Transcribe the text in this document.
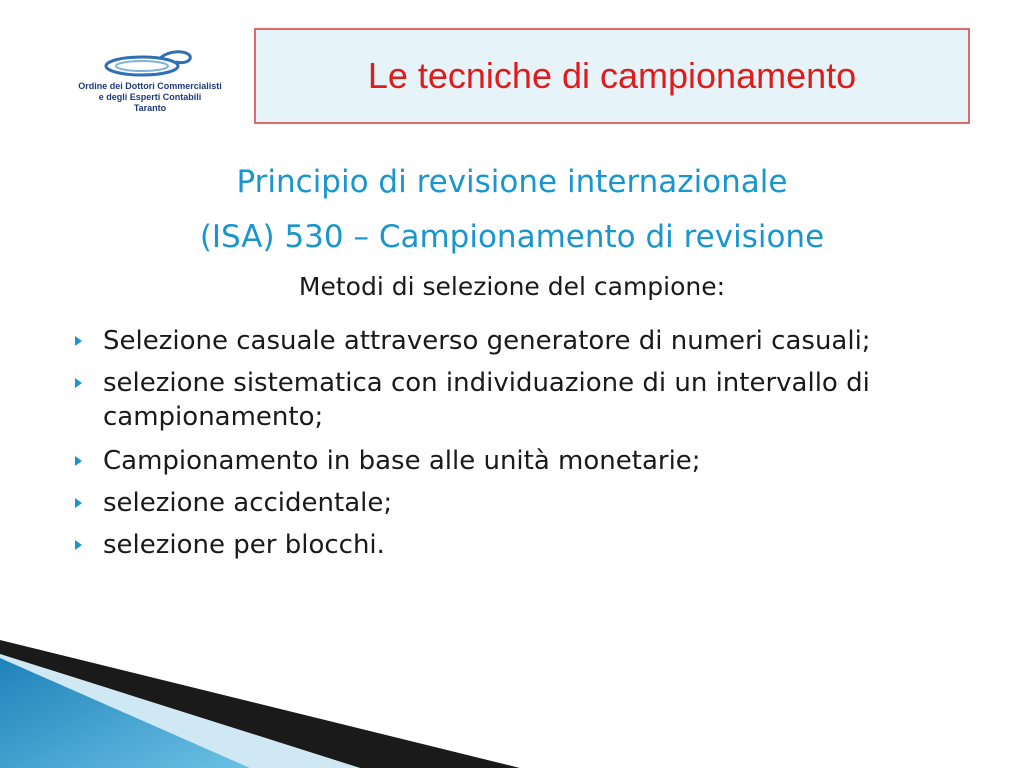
Ordine dei Dottori Commercialisti
e degli Esperti Contabili
Taranto
Le tecniche di campionamento
Principio di revisione internazionale
(ISA) 530 – Campionamento di revisione
Metodi di selezione del campione:
Selezione casuale attraverso generatore di numeri casuali;
selezione sistematica con individuazione di un intervallo di campionamento;
Campionamento in base alle unità monetarie;
selezione accidentale;
selezione per blocchi.
